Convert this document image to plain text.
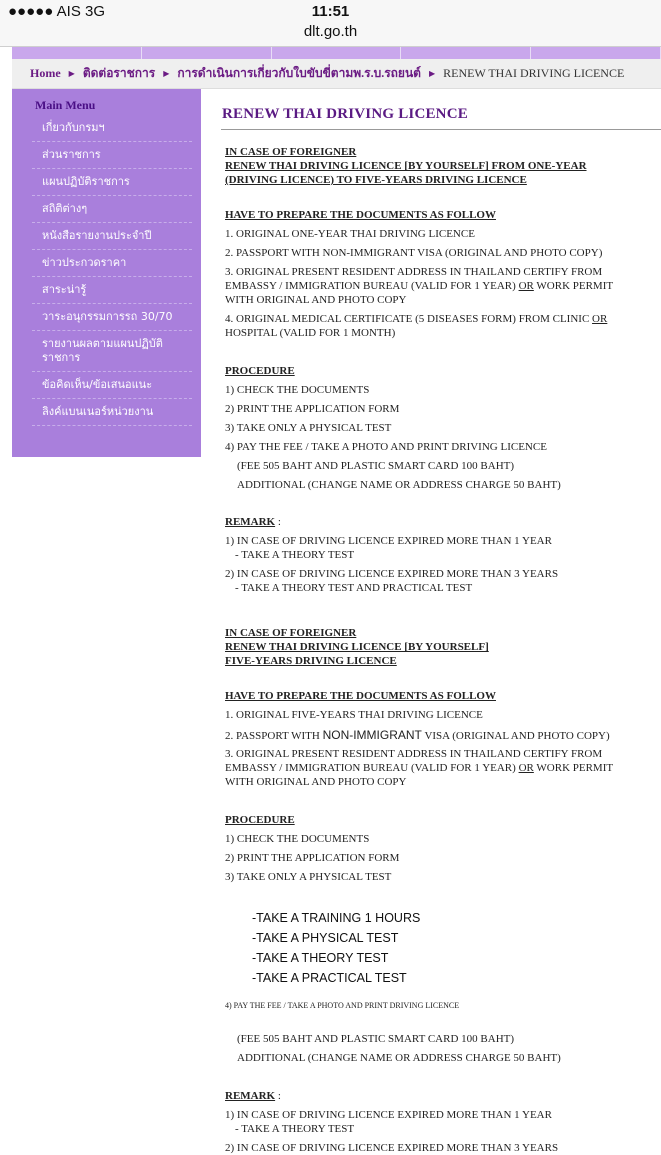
●●●●● AIS 3G	11:51
dlt.go.th
Home ▶ ติดต่อราชการ ▶ การดำเนินการเกี่ยวกับใบขับขี่ตามพ.ร.บ.รถยนต์ ▶ RENEW THAI DRIVING LICENCE
Main Menu
เกี่ยวกับกรมฯ
ส่วนราชการ
แผนปฏิบัติราชการ
สถิติต่างๆ
หนังสือรายงานประจำปี
ข่าวประกวดราคา
สาระน่ารู้
วาระอนุกรรมการรถ 30/70
รายงานผลตามแผนปฏิบัติราชการ
ข้อคิดเห็น/ข้อเสนอแนะ
ลิงค์แบนเนอร์หน่วยงาน
RENEW THAI DRIVING LICENCE
IN CASE OF FOREIGNER
RENEW THAI DRIVING LICENCE [BY YOURSELF] FROM ONE-YEAR
(DRIVING LICENCE) TO FIVE-YEARS DRIVING LICENCE
HAVE TO PREPARE THE DOCUMENTS AS FOLLOW
1. ORIGINAL ONE-YEAR THAI DRIVING LICENCE
2. PASSPORT WITH NON-IMMIGRANT VISA (ORIGINAL AND PHOTO COPY)
3. ORIGINAL PRESENT RESIDENT ADDRESS IN THAILAND CERTIFY FROM
EMBASSY / IMMIGRATION BUREAU (VALID FOR 1 YEAR) OR WORK PERMIT
WITH ORIGINAL AND PHOTO COPY
4. ORIGINAL MEDICAL CERTIFICATE (5 DISEASES FORM) FROM CLINIC OR
HOSPITAL (VALID FOR 1 MONTH)
PROCEDURE
1) CHECK THE DOCUMENTS
2) PRINT THE APPLICATION FORM
3) TAKE ONLY A PHYSICAL TEST
4) PAY THE FEE / TAKE A PHOTO AND PRINT DRIVING LICENCE
(FEE 505 BAHT AND PLASTIC SMART CARD 100 BAHT)
ADDITIONAL (CHANGE NAME OR ADDRESS CHARGE 50 BAHT)
REMARK :
1) IN CASE OF DRIVING LICENCE EXPIRED MORE THAN 1 YEAR
- TAKE A THEORY TEST
2) IN CASE OF DRIVING LICENCE EXPIRED MORE THAN 3 YEARS
- TAKE A THEORY TEST AND PRACTICAL TEST
IN CASE OF FOREIGNER
RENEW THAI DRIVING LICENCE [BY YOURSELF]
FIVE-YEARS DRIVING LICENCE
HAVE TO PREPARE THE DOCUMENTS AS FOLLOW
1. ORIGINAL FIVE-YEARS THAI DRIVING LICENCE
2. PASSPORT WITH NON-IMMIGRANT VISA (ORIGINAL AND PHOTO COPY)
3. ORIGINAL PRESENT RESIDENT ADDRESS IN THAILAND CERTIFY FROM
EMBASSY / IMMIGRATION BUREAU (VALID FOR 1 YEAR) OR WORK PERMIT
WITH ORIGINAL AND PHOTO COPY
PROCEDURE
1) CHECK THE DOCUMENTS
2) PRINT THE APPLICATION FORM
3) TAKE ONLY A PHYSICAL TEST
-TAKE A TRAINING 1 HOURS
-TAKE A PHYSICAL TEST
-TAKE A THEORY TEST
-TAKE A PRACTICAL TEST
4) PAY THE FEE / TAKE A PHOTO AND PRINT DRIVING LICENCE
(FEE 505 BAHT AND PLASTIC SMART CARD 100 BAHT)
ADDITIONAL (CHANGE NAME OR ADDRESS CHARGE 50 BAHT)
REMARK :
1) IN CASE OF DRIVING LICENCE EXPIRED MORE THAN 1 YEAR
- TAKE A THEORY TEST
2) IN CASE OF DRIVING LICENCE EXPIRED MORE THAN 3 YEARS
